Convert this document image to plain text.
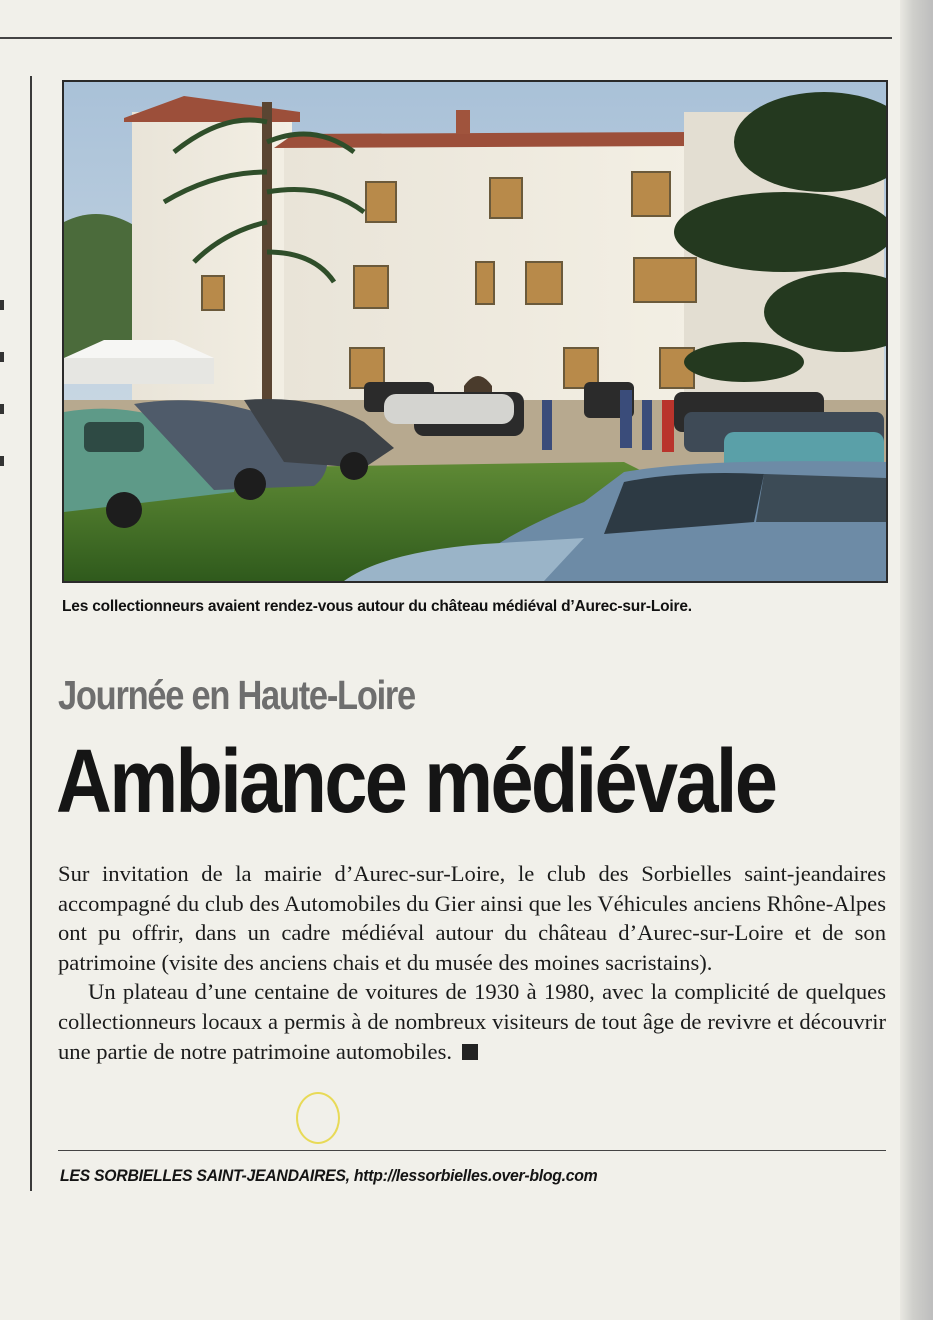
Les collectionneurs avaient rendez-vous autour du château médiéval d’Aurec-sur-Loire.
Journée en Haute-Loire
Ambiance médiévale

Sur invitation de la mairie d’Aurec-sur-Loire, le club des Sorbielles saint-jeandaires accompagné du club des Automobiles du Gier ainsi que les Véhicules anciens Rhône-Alpes ont pu offrir, dans un cadre médiéval autour du château d’Aurec-sur-Loire et de son patrimoine (visite des anciens chais et du musée des moines sacristains).

Un plateau d’une centaine de voitures de 1930 à 1980, avec la complicité de quelques collectionneurs locaux a permis à de nombreux visiteurs de tout âge de revivre et découvrir une partie de notre patrimoine automobiles.

LES SORBIELLES SAINT-JEANDAIRES, http://lessorbielles.over-blog.com
